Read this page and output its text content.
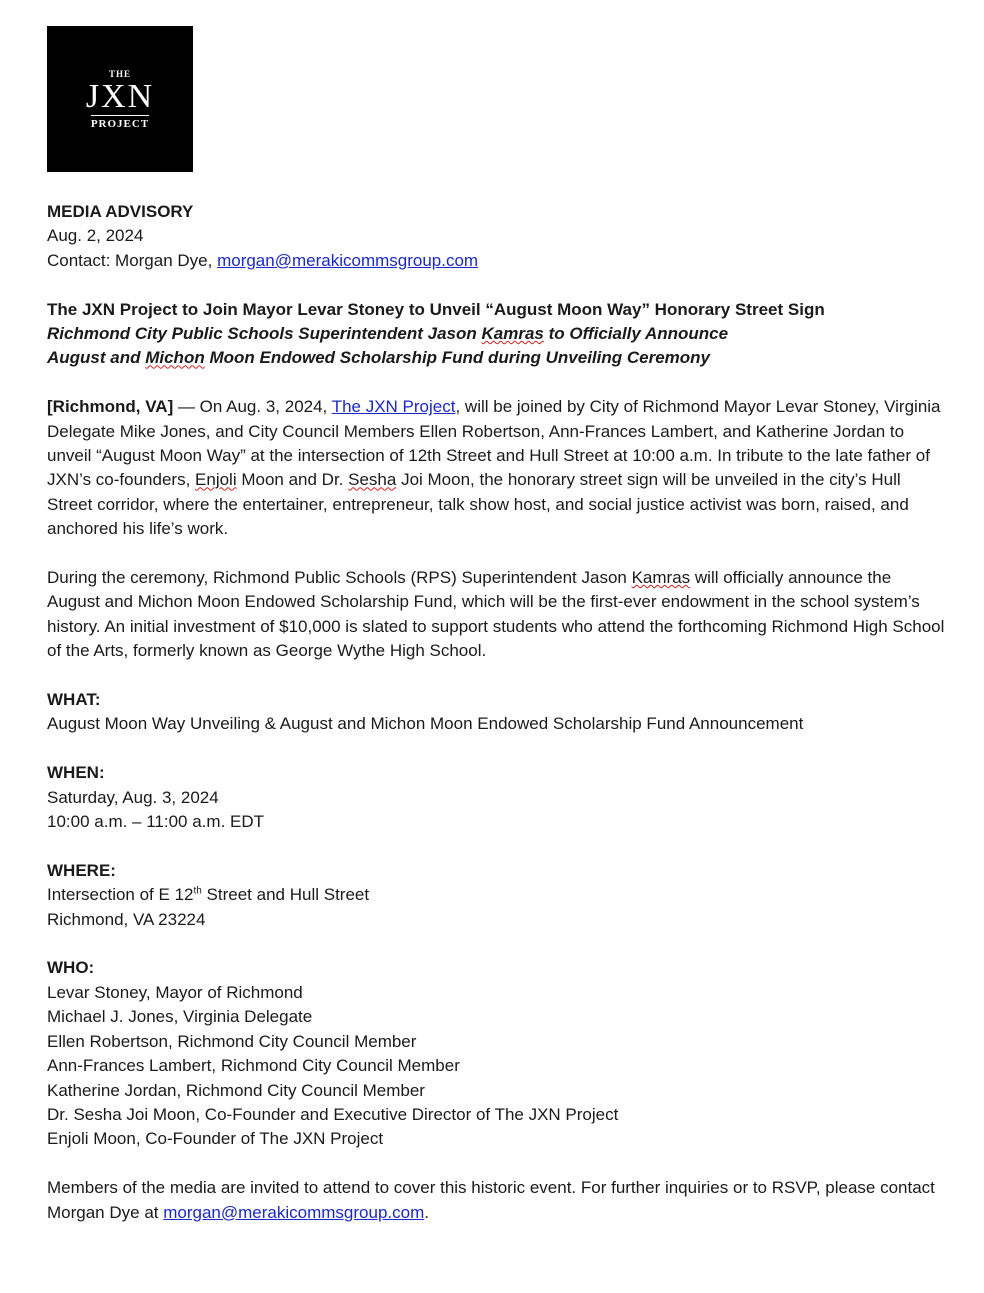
THE
JXN
PROJECT

MEDIA ADVISORY

Aug. 2, 2024

Contact: Morgan Dye, morgan@merakicommsgroup.com

The JXN Project to Join Mayor Levar Stoney to Unveil “August Moon Way” Honorary Street Sign

Richmond City Public Schools Superintendent Jason Kamras to Officially Announce

August and Michon Moon Endowed Scholarship Fund during Unveiling Ceremony

[Richmond, VA] — On Aug. 3, 2024, The JXN Project, will be joined by City of Richmond Mayor Levar Stoney, Virginia Delegate Mike Jones, and City Council Members Ellen Robertson, Ann-Frances Lambert, and Katherine Jordan to unveil “August Moon Way” at the intersection of 12th Street and Hull Street at 10:00 a.m. In tribute to the late father of JXN’s co-founders, Enjoli Moon and Dr. Sesha Joi Moon, the honorary street sign will be unveiled in the city’s Hull Street corridor, where the entertainer, entrepreneur, talk show host, and social justice activist was born, raised, and anchored his life’s work.

During the ceremony, Richmond Public Schools (RPS) Superintendent Jason Kamras will officially announce the August and Michon Moon Endowed Scholarship Fund, which will be the first-ever endowment in the school system’s history. An initial investment of $10,000 is slated to support students who attend the forthcoming Richmond High School of the Arts, formerly known as George Wythe High School.

WHAT:

August Moon Way Unveiling & August and Michon Moon Endowed Scholarship Fund Announcement

WHEN:

Saturday, Aug. 3, 2024

10:00 a.m. – 11:00 a.m. EDT

WHERE:

Intersection of E 12th Street and Hull Street

Richmond, VA 23224

WHO:

Levar Stoney, Mayor of Richmond

Michael J. Jones, Virginia Delegate

Ellen Robertson, Richmond City Council Member

Ann-Frances Lambert, Richmond City Council Member

Katherine Jordan, Richmond City Council Member

Dr. Sesha Joi Moon, Co-Founder and Executive Director of The JXN Project

Enjoli Moon, Co-Founder of The JXN Project

Members of the media are invited to attend to cover this historic event. For further inquiries or to RSVP, please contact Morgan Dye at morgan@merakicommsgroup.com.
